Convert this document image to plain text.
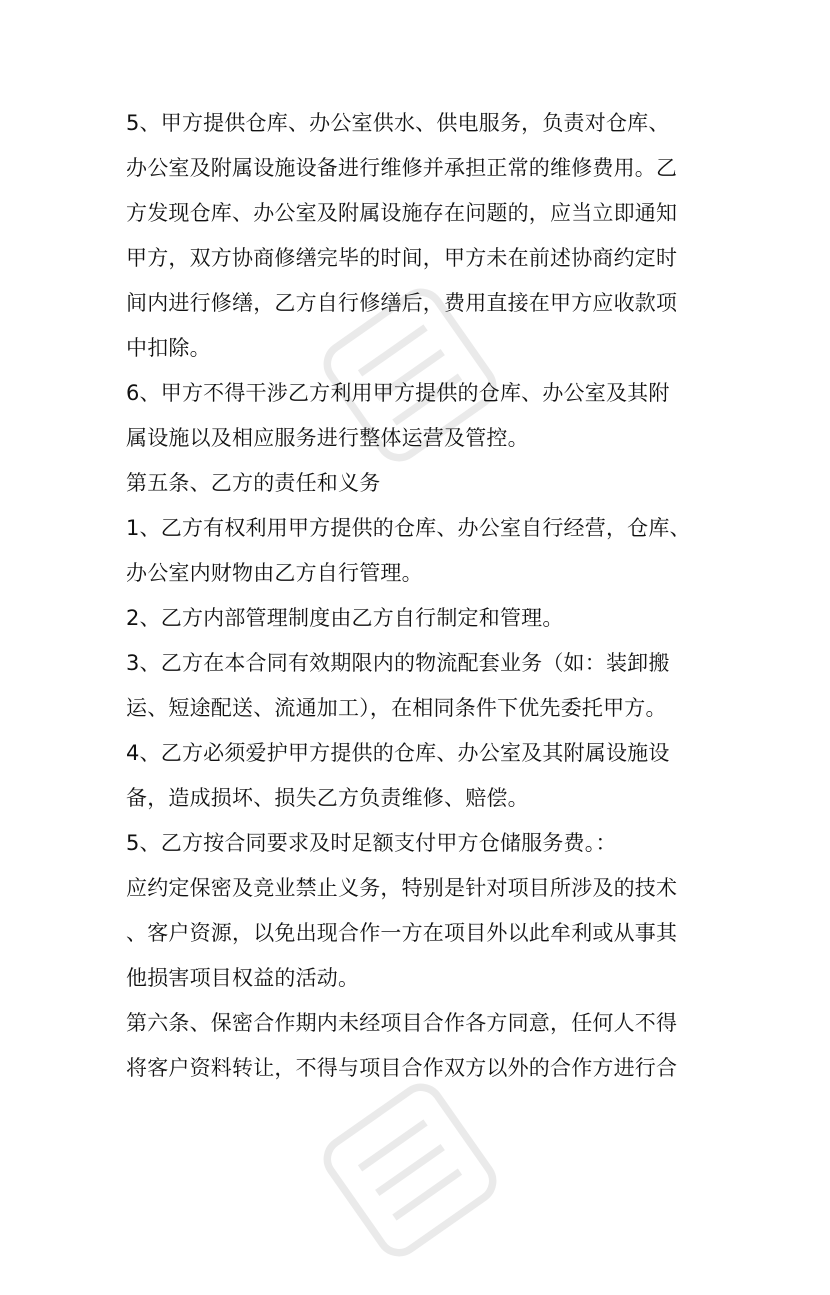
5、甲方提供仓库、办公室供水、供电服务，负责对仓库、
办公室及附属设施设备进行维修并承担正常的维修费用。乙
方发现仓库、办公室及附属设施存在问题的，应当立即通知
甲方，双方协商修缮完毕的时间，甲方未在前述协商约定时
间内进行修缮，乙方自行修缮后，费用直接在甲方应收款项
中扣除。
6、甲方不得干涉乙方利用甲方提供的仓库、办公室及其附
属设施以及相应服务进行整体运营及管控。
第五条、乙方的责任和义务
1、乙方有权利用甲方提供的仓库、办公室自行经营，仓库、
办公室内财物由乙方自行管理。
2、乙方内部管理制度由乙方自行制定和管理。
3、乙方在本合同有效期限内的物流配套业务（如：装卸搬
运、短途配送、流通加工），在相同条件下优先委托甲方。
4、乙方必须爱护甲方提供的仓库、办公室及其附属设施设
备，造成损坏、损失乙方负责维修、赔偿。
5、乙方按合同要求及时足额支付甲方仓储服务费。：
应约定保密及竞业禁止义务，特别是针对项目所涉及的技术
、客户资源，以免出现合作一方在项目外以此牟利或从事其
他损害项目权益的活动。
第六条、保密合作期内未经项目合作各方同意，任何人不得
将客户资料转让，不得与项目合作双方以外的合作方进行合
